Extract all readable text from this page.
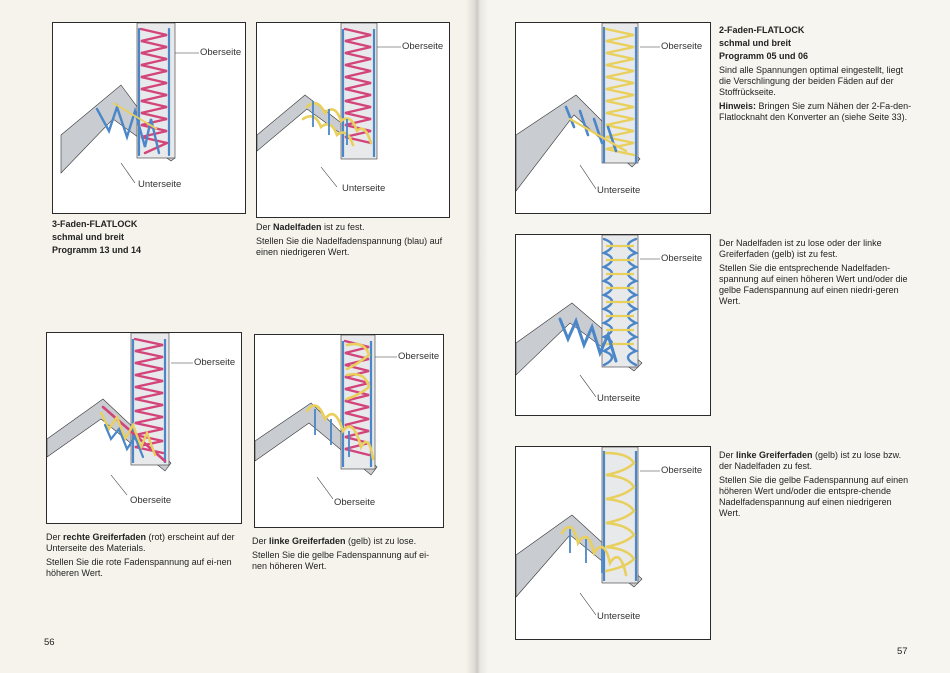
Oberseite
Unterseite
3-Faden-FLATLOCK
schmal und breit
Programm 13 und 14
Oberseite
Unterseite

Der Nadelfaden ist zu fest.

Stellen Sie die Nadelfadenspannung (blau) auf einen niedrigeren Wert.

Oberseite
Oberseite

Der rechte Greiferfaden (rot) erscheint auf der Unterseite des Materials.

Stellen Sie die rote Fadenspannung auf ei-nen höheren Wert.

Oberseite
Oberseite

Der linke Greiferfaden (gelb) ist zu lose.

Stellen Sie die gelbe Fadenspannung auf ei-nen höheren Wert.

56
Oberseite
Unterseite
2-Faden-FLATLOCK
schmal und breit
Programm 05 und 06

Sind alle Spannungen optimal eingestellt, liegt die Verschlingung der beiden Fäden auf der Stoffrückseite.

Hinweis: Bringen Sie zum Nähen der 2-Fa-den-Flatlocknaht den Konverter an (siehe Seite 33).

Oberseite
Unterseite

Der Nadelfaden ist zu lose oder der linke Greiferfaden (gelb) ist zu fest.

Stellen Sie die entsprechende Nadelfaden-spannung auf einen höheren Wert und/oder die gelbe Fadenspannung auf einen niedri-geren Wert.

Oberseite
Unterseite

Der linke Greiferfaden (gelb) ist zu lose bzw. der Nadelfaden zu fest.

Stellen Sie die gelbe Fadenspannung auf einen höheren Wert und/oder die entspre-chende Nadelfadenspannung auf einen niedrigeren Wert.

57
